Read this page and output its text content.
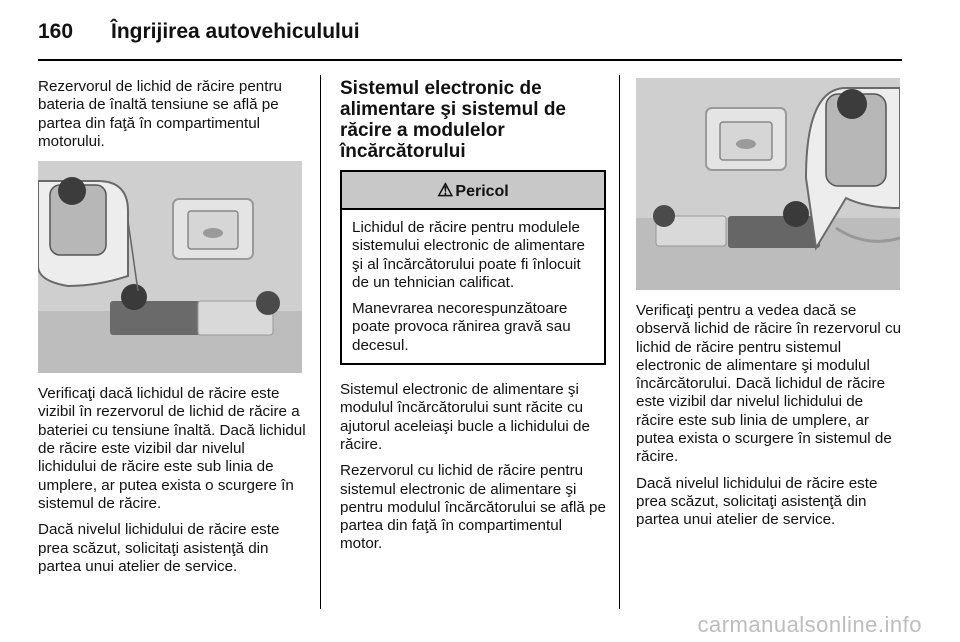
160 Îngrijirea autovehiculului

Rezervorul de lichid de răcire pentru bateria de înaltă tensiune se află pe partea din faţă în compartimentul motorului.

ᅟ

Verificaţi dacă lichidul de răcire este vizibil în rezervorul de lichid de răcire a bateriei cu tensiune înaltă. Dacă lichidul de răcire este vizibil dar nivelul lichidului de răcire este sub linia de umplere, ar putea exista o scurgere în sistemul de răcire.

Dacă nivelul lichidului de răcire este prea scăzut, solicitaţi asistenţă din partea unui atelier de service.

Sistemul electronic de alimentare şi sistemul de răcire a modulelor încărcătorului
⚠ Pericol

Lichidul de răcire pentru modulele sistemului electronic de alimentare şi al încărcătorului poate fi înlocuit de un tehnician calificat.

Manevrarea necorespunzătoare poate provoca rănirea gravă sau decesul.

Sistemul electronic de alimentare şi modulul încărcătorului sunt răcite cu ajutorul aceleiaşi bucle a lichidului de răcire.

Rezervorul cu lichid de răcire pentru sistemul electronic de alimentare şi pentru modulul încărcătorului se află pe partea din faţă în compartimentul motor.

Verificaţi pentru a vedea dacă se observă lichid de răcire în rezervorul cu lichid de răcire pentru sistemul electronic de alimentare şi modulul încărcătorului. Dacă lichidul de răcire este vizibil dar nivelul lichidului de răcire este sub linia de umplere, ar putea exista o scurgere în sistemul de răcire.

Dacă nivelul lichidului de răcire este prea scăzut, solicitaţi asistenţă din partea unui atelier de service.

carmanualsonline.info
